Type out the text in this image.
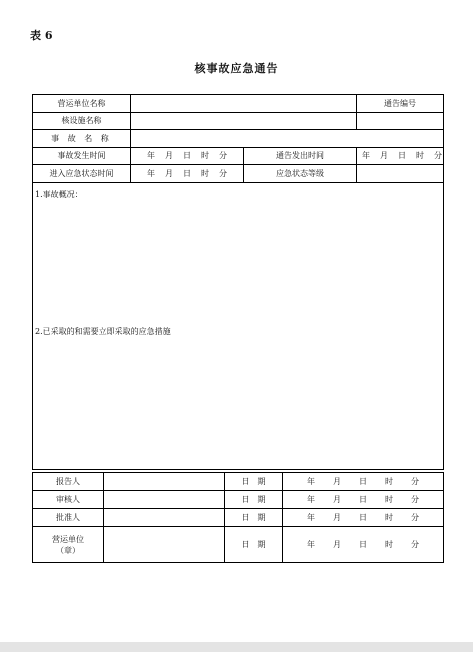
表 6
核事故应急通告
营运单位名称			通告编号
核设施名称			
事 故 名 称			
事故发生时间	年 月 日 时 分	通告发出时间	年 月 日 时 分
进入应急状态时间	年 月 日 时 分	应急状态等级	

1.事故概况：

2.已采取的和需要立即采取的应急措施			

报告人		日　期	年 月 日 时 分
审核人		日　期	年 月 日 时 分
批准人		日　期	年 月 日 时 分

营运单位
（章）		日　期	年 月 日 时 分
